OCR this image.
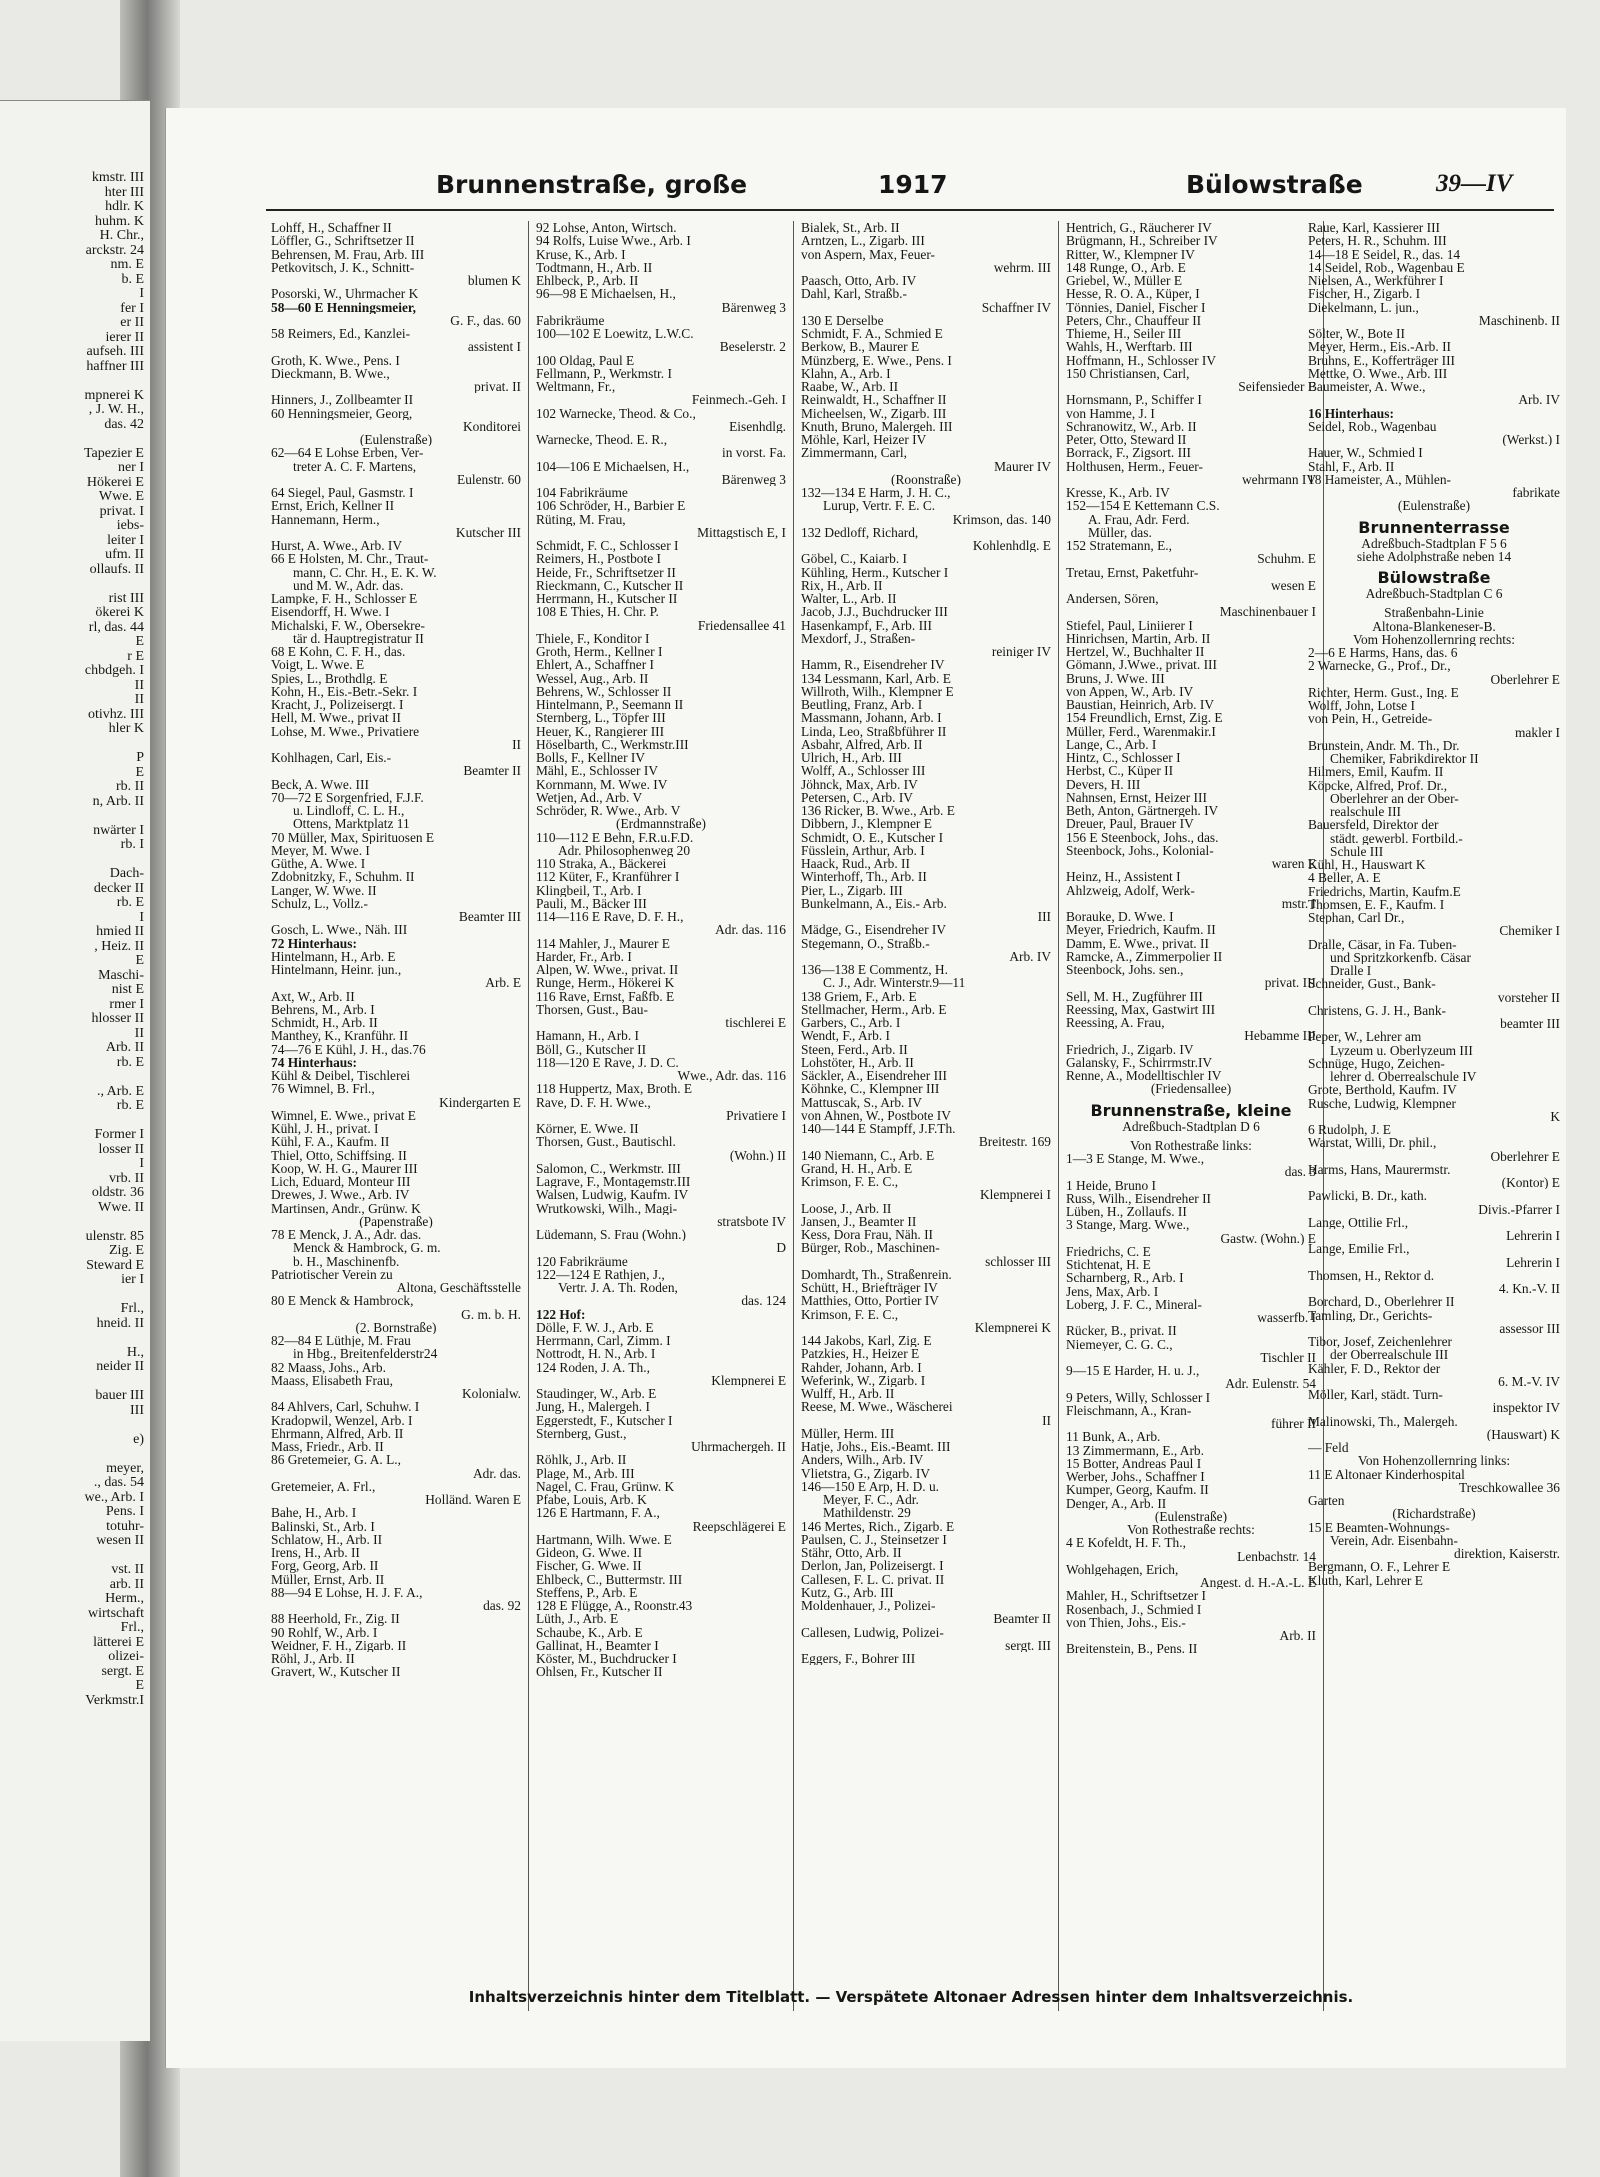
kmstr. III
hter III
hdlr. K
huhm. K
H. Chr.,
arckstr. 24
nm. E
b. E
I
fer I
er II
ierer II
aufseh. III
haffner III
mpnerei K
, J. W. H.,
das. 42
Tapezier E
ner I
Hökerei E
Wwe. E
privat. I
iebs-
leiter I
ufm. II
ollaufs. II
rist III
ökerei K
rl, das. 44
E
r E
chbdgeh. I
II
II
otivhz. III
hler K
P
E
rb. II
n, Arb. II
nwärter I
rb. I
Dach-
decker II
rb. E
I
hmied II
, Heiz. II
E
Maschi-
nist E
rmer I
hlosser II
II
Arb. II
rb. E
., Arb. E
rb. E
Former I
losser II
I
vrb. II
oldstr. 36
Wwe. II
ulenstr. 85
Zig. E
Steward E
ier I
Frl.,
hneid. II
H.,
neider II
bauer III
III
e)
meyer,
., das. 54
we., Arb. I
Pens. I
totuhr-
wesen II
vst. II
arb. II
Herm.,
wirtschaft
Frl.,
lätterei E
olizei-
sergt. E
E
Verkmstr.I
Brunnenstraße, große	1917	Bülowstraße	39—IV
Lohff, H., Schaffner II
Löffler, G., Schriftsetzer II
Behrensen, M. Frau, Arb. III
Petkovitsch, J. K., Schnitt-
blumen K
Posorski, W., Uhrmacher K
58—60 E Henningsmeier,
G. F., das. 60
58 Reimers, Ed., Kanzlei-
assistent I
Groth, K. Wwe., Pens. I
Dieckmann, B. Wwe.,
privat. II
Hinners, J., Zollbeamter II
60 Henningsmeier, Georg,
Konditorei
(Eulenstraße)
62—64 E Lohse Erben, Ver-
treter A. C. F. Martens,
Eulenstr. 60
64 Siegel, Paul, Gasmstr. I
Ernst, Erich, Kellner II
Hannemann, Herm.,
Kutscher III
Hurst, A. Wwe., Arb. IV
66 E Holsten, M. Chr., Traut-
mann, C. Chr. H., E. K. W.
und M. W., Adr. das.
Lampke, F. H., Schlosser E
Eisendorff, H. Wwe. I
Michalski, F. W., Obersekre-
tär d. Hauptregistratur II
68 E Kohn, C. F. H., das.
Voigt, L. Wwe. E
Spies, L., Brothdlg. E
Kohn, H., Eis.-Betr.-Sekr. I
Kracht, J., Polizeisergt. I
Hell, M. Wwe., privat II
Lohse, M. Wwe., Privatiere
II
Kohlhagen, Carl, Eis.-
Beamter II
Beck, A. Wwe. III
70—72 E Sorgenfried, F.J.F.
u. Lindloff, C. L. H.,
Ottens, Marktplatz 11
70 Müller, Max, Spirituosen E
Meyer, M. Wwe. I
Güthe, A. Wwe. I
Zdobnitzky, F., Schuhm. II
Langer, W. Wwe. II
Schulz, L., Vollz.-
Beamter III
Gosch, L. Wwe., Näh. III
72 Hinterhaus:
Hintelmann, H., Arb. E
Hintelmann, Heinr. jun.,
Arb. E
Axt, W., Arb. II
Behrens, M., Arb. I
Schmidt, H., Arb. II
Manthey, K., Kranführ. II
74—76 E Kühl, J. H., das.76
74 Hinterhaus:
Kühl & Deibel, Tischlerei
76 Wimnel, B. Frl.,
Kindergarten E
Wimnel, E. Wwe., privat E
Kühl, J. H., privat. I
Kühl, F. A., Kaufm. II
Thiel, Otto, Schiffsing. II
Koop, W. H. G., Maurer III
Lich, Eduard, Monteur III
Drewes, J. Wwe., Arb. IV
Martinsen, Andr., Grünw. K
(Papenstraße)
78 E Menck, J. A., Adr. das.
Menck & Hambrock, G. m.
b. H., Maschinenfb.
Patriotischer Verein zu
Altona, Geschäftsstelle
80 E Menck & Hambrock,
G. m. b. H.
(2. Bornstraße)
82—84 E Lüthje, M. Frau
in Hbg., Breitenfelderstr24
82 Maass, Johs., Arb.
Maass, Elisabeth Frau,
Kolonialw.
84 Ahlvers, Carl, Schuhw. I
Kradopwil, Wenzel, Arb. I
Ehrmann, Alfred, Arb. II
Mass, Friedr., Arb. II
86 Gretemeier, G. A. L.,
Adr. das.
Gretemeier, A. Frl.,
Holländ. Waren E
Bahe, H., Arb. I
Balinski, St., Arb. I
Schlatow, H., Arb. II
Irens, H., Arb. II
Forg, Georg, Arb. II
Müller, Ernst, Arb. II
88—94 E Lohse, H. J. F. A.,
das. 92
88 Heerhold, Fr., Zig. II
90 Rohlf, W., Arb. I
Weidner, F. H., Zigarb. II
Röhl, J., Arb. II
Gravert, W., Kutscher II
92 Lohse, Anton, Wirtsch.
94 Rolfs, Luise Wwe., Arb. I
Kruse, K., Arb. I
Todtmann, H., Arb. II
Ehlbeck, P., Arb. II
96—98 E Michaelsen, H.,
Bärenweg 3
Fabrikräume
100—102 E Loewitz, L.W.C.
Beselerstr. 2
100 Oldag, Paul E
Fellmann, P., Werkmstr. I
Weltmann, Fr.,
Feinmech.-Geh. I
102 Warnecke, Theod. & Co.,
Eisenhdlg.
Warnecke, Theod. E. R.,
in vorst. Fa.
104—106 E Michaelsen, H.,
Bärenweg 3
104 Fabrikräume
106 Schröder, H., Barbier E
Rüting, M. Frau,
Mittagstisch E, I
Schmidt, F. C., Schlosser I
Reimers, H., Postbote I
Heide, Fr., Schriftsetzer II
Rieckmann, C., Kutscher II
Herrmann, H., Kutscher II
108 E Thies, H. Chr. P.
Friedensallee 41
Thiele, F., Konditor I
Groth, Herm., Kellner I
Ehlert, A., Schaffner I
Wessel, Aug., Arb. II
Behrens, W., Schlosser II
Hintelmann, P., Seemann II
Sternberg, L., Töpfer III
Heuer, K., Rangierer III
Höselbarth, C., Werkmstr.III
Bolls, F., Kellner IV
Mähl, E., Schlosser IV
Kornmann, M. Wwe. IV
Wetjen, Ad., Arb. V
Schröder, R. Wwe., Arb. V
(Erdmannstraße)
110—112 E Behn, F.R.u.F.D.
Adr. Philosophenweg 20
110 Straka, A., Bäckerei
112 Küter, F., Kranführer I
Klingbeil, T., Arb. I
Pauli, M., Bäcker III
114—116 E Rave, D. F. H.,
Adr. das. 116
114 Mahler, J., Maurer E
Harder, Fr., Arb. I
Alpen, W. Wwe., privat. II
Runge, Herm., Hökerei K
116 Rave, Ernst, Faßfb. E
Thorsen, Gust., Bau-
tischlerei E
Hamann, H., Arb. I
Böll, G., Kutscher II
118—120 E Rave, J. D. C.
Wwe., Adr. das. 116
118 Huppertz, Max, Broth. E
Rave, D. F. H. Wwe.,
Privatiere I
Körner, E. Wwe. II
Thorsen, Gust., Bautischl.
(Wohn.) II
Salomon, C., Werkmstr. III
Lagrave, F., Montagemstr.III
Walsen, Ludwig, Kaufm. IV
Wrutkowski, Wilh., Magi-
stratsbote IV
Lüdemann, S. Frau (Wohn.)
D
120 Fabrikräume
122—124 E Rathjen, J.,
Vertr. J. A. Th. Roden,
das. 124
122 Hof:
Dölle, F. W. J., Arb. E
Herrmann, Carl, Zimm. I
Nottrodt, H. N., Arb. I
124 Roden, J. A. Th.,
Klempnerei E
Staudinger, W., Arb. E
Jung, H., Malergeh. I
Eggerstedt, F., Kutscher I
Sternberg, Gust.,
Uhrmachergeh. II
Röhlk, J., Arb. II
Plage, M., Arb. III
Nagel, C. Frau, Grünw. K
Pfabe, Louis, Arb. K
126 E Hartmann, F. A.,
Reepschlägerei E
Hartmann, Wilh. Wwe. E
Gideon, G. Wwe. II
Fischer, G. Wwe. II
Ehlbeck, C., Buttermstr. III
Steffens, P., Arb. E
128 E Flügge, A., Roonstr.43
Lüth, J., Arb. E
Schaube, K., Arb. E
Gallinat, H., Beamter I
Köster, M., Buchdrucker I
Ohlsen, Fr., Kutscher II
Bialek, St., Arb. II
Arntzen, L., Zigarb. III
von Aspern, Max, Feuer-
wehrm. III
Paasch, Otto, Arb. IV
Dahl, Karl, Straßb.-
Schaffner IV
130 E Derselbe
Schmidt, F. A., Schmied E
Berkow, B., Maurer E
Münzberg, E. Wwe., Pens. I
Klahn, A., Arb. I
Raabe, W., Arb. II
Reinwaldt, H., Schaffner II
Micheelsen, W., Zigarb. III
Knuth, Bruno, Malergeh. III
Möhle, Karl, Heizer IV
Zimmermann, Carl,
Maurer IV
(Roonstraße)
132—134 E Harm, J. H. C.,
Lurup, Vertr. F. E. C.
Krimson, das. 140
132 Dedloff, Richard,
Kohlenhdlg. E
Göbel, C., Kaiarb. I
Kühling, Herm., Kutscher I
Rix, H., Arb. II
Walter, L., Arb. II
Jacob, J.J., Buchdrucker III
Hasenkampf, F., Arb. III
Mexdorf, J., Straßen-
reiniger IV
Hamm, R., Eisendreher IV
134 Lessmann, Karl, Arb. E
Willroth, Wilh., Klempner E
Beutling, Franz, Arb. I
Massmann, Johann, Arb. I
Linda, Leo, Straßbführer II
Asbahr, Alfred, Arb. II
Ulrich, H., Arb. III
Wolff, A., Schlosser III
Jöhnck, Max, Arb. IV
Petersen, C., Arb. IV
136 Ricker, B. Wwe., Arb. E
Dibbern, J., Klempner E
Schmidt, O. E., Kutscher I
Füsslein, Arthur, Arb. I
Haack, Rud., Arb. II
Winterhoff, Th., Arb. II
Pier, L., Zigarb. III
Bunkelmann, A., Eis.- Arb.
III
Mädge, G., Eisendreher IV
Stegemann, O., Straßb.-
Arb. IV
136—138 E Commentz, H.
C. J., Adr. Winterstr.9—11
138 Griem, F., Arb. E
Stellmacher, Herm., Arb. E
Garbers, C., Arb. I
Wendt, F., Arb. I
Steen, Ferd., Arb. II
Lohstöter, H., Arb. II
Säckler, A., Eisendreher III
Köhnke, C., Klempner III
Mattuscak, S., Arb. IV
von Ahnen, W., Postbote IV
140—144 E Stampff, J.F.Th.
Breitestr. 169
140 Niemann, C., Arb. E
Grand, H. H., Arb. E
Krimson, F. E. C.,
Klempnerei I
Loose, J., Arb. II
Jansen, J., Beamter II
Kess, Dora Frau, Näh. II
Bürger, Rob., Maschinen-
schlosser III
Domhardt, Th., Straßenrein.
Schütt, H., Briefträger IV
Matthies, Otto, Portier IV
Krimson, F. E. C.,
Klempnerei K
144 Jakobs, Karl, Zig. E
Patzkies, H., Heizer E
Rahder, Johann, Arb. I
Weferink, W., Zigarb. I
Wulff, H., Arb. II
Reese, M. Wwe., Wäscherei
II
Müller, Herm. III
Hatje, Johs., Eis.-Beamt. III
Anders, Wilh., Arb. IV
Vlietstra, G., Zigarb. IV
146—150 E Arp, H. D. u.
Meyer, F. C., Adr.
Mathildenstr. 29
146 Mertes, Rich., Zigarb. E
Paulsen, C. J., Steinsetzer I
Stähr, Otto, Arb. II
Derlon, Jan, Polizeisergt. I
Callesen, F. L. C. privat. II
Kutz, G., Arb. III
Moldenhauer, J., Polizei-
Beamter II
Callesen, Ludwig, Polizei-
sergt. III
Eggers, F., Bohrer III
Hentrich, G., Räucherer IV
Brügmann, H., Schreiber IV
Ritter, W., Klempner IV
148 Runge, O., Arb. E
Griebel, W., Müller E
Hesse, R. O. A., Küper, I
Tönnies, Daniel, Fischer I
Peters, Chr., Chauffeur II
Thieme, H., Seiler III
Wahls, H., Werftarb. III
Hoffmann, H., Schlosser IV
150 Christiansen, Carl,
Seifensieder E
Hornsmann, P., Schiffer I
von Hamme, J. I
Schranowitz, W., Arb. II
Peter, Otto, Steward II
Borrack, F., Zigsort. III
Holthusen, Herm., Feuer-
wehrmann IV
Kresse, K., Arb. IV
152—154 E Kettemann C.S.
A. Frau, Adr. Ferd.
Müller, das.
152 Stratemann, E.,
Schuhm. E
Tretau, Ernst, Paketfuhr-
wesen E
Andersen, Sören,
Maschinenbauer I
Stiefel, Paul, Liniierer I
Hinrichsen, Martin, Arb. II
Hertzel, W., Buchhalter II
Gömann, J.Wwe., privat. III
Bruns, J. Wwe. III
von Appen, W., Arb. IV
Baustian, Heinrich, Arb. IV
154 Freundlich, Ernst, Zig. E
Müller, Ferd., Warenmakir.I
Lange, C., Arb. I
Hintz, C., Schlosser I
Herbst, C., Küper II
Devers, H. III
Nahnsen, Ernst, Heizer III
Beth, Anton, Gärtnergeh. IV
Dreuer, Paul, Brauer IV
156 E Steenbock, Johs., das.
Steenbock, Johs., Kolonial-
waren E
Heinz, H., Assistent I
Ahlzweig, Adolf, Werk-
mstr. I
Borauke, D. Wwe. I
Meyer, Friedrich, Kaufm. II
Damm, E. Wwe., privat. II
Ramcke, A., Zimmerpolier II
Steenbock, Johs. sen.,
privat. III
Sell, M. H., Zugführer III
Reessing, Max, Gastwirt III
Reessing, A. Frau,
Hebamme III
Friedrich, J., Zigarb. IV
Galansky, F., Schirrmstr.IV
Renne, A., Modelltischler IV
(Friedensallee)
Brunnenstraße, kleine
Adreßbuch-Stadtplan D 6
Von Rothestraße links:
1—3 E Stange, M. Wwe.,
das. 3
1 Heide, Bruno I
Russ, Wilh., Eisendreher II
Lüben, H., Zollaufs. II
3 Stange, Marg. Wwe.,
Gastw. (Wohn.) E
Friedrichs, C. E
Stichtenat, H. E
Scharnberg, R., Arb. I
Jens, Max, Arb. I
Loberg, J. F. C., Mineral-
wasserfb. I
Rücker, B., privat. II
Niemeyer, C. G. C.,
Tischler II
9—15 E Harder, H. u. J.,
Adr. Eulenstr. 54
9 Peters, Willy, Schlosser I
Fleischmann, A., Kran-
führer II
11 Bunk, A., Arb.
13 Zimmermann, E., Arb.
15 Botter, Andreas Paul I
Werber, Johs., Schaffner I
Kumper, Georg, Kaufm. II
Denger, A., Arb. II
(Eulenstraße)
Von Rothestraße rechts:
4 E Kofeldt, H. F. Th.,
Lenbachstr. 14
Wohlgehagen, Erich,
Angest. d. H.-A.-L. E
Mahler, H., Schriftsetzer I
Rosenbach, J., Schmied I
von Thien, Johs., Eis.-
Arb. II
Breitenstein, B., Pens. II
Raue, Karl, Kassierer III
Peters, H. R., Schuhm. III
14—18 E Seidel, R., das. 14
14 Seidel, Rob., Wagenbau E
Nielsen, A., Werkführer I
Fischer, H., Zigarb. I
Diekelmann, L. jun.,
Maschinenb. II
Sölter, W., Bote II
Meyer, Herm., Eis.-Arb. II
Bruhns, E., Kofferträger III
Mettke, O. Wwe., Arb. III
Baumeister, A. Wwe.,
Arb. IV
16 Hinterhaus:
Seidel, Rob., Wagenbau
(Werkst.) I
Hauer, W., Schmied I
Stahl, F., Arb. II
18 Hameister, A., Mühlen-
fabrikate
(Eulenstraße)
Brunnenterrasse
Adreßbuch-Stadtplan F 5 6
siehe Adolphstraße neben 14
Bülowstraße
Adreßbuch-Stadtplan C 6
Straßenbahn-Linie
Altona-Blankeneser-B.
Vom Hohenzollernring rechts:
2—6 E Harms, Hans, das. 6
2 Warnecke, G., Prof., Dr.,
Oberlehrer E
Richter, Herm. Gust., Ing. E
Wolff, John, Lotse I
von Pein, H., Getreide-
makler I
Brunstein, Andr. M. Th., Dr.
Chemiker, Fabrikdirektor II
Hilmers, Emil, Kaufm. II
Köpcke, Alfred, Prof. Dr.,
Oberlehrer an der Ober-
realschule III
Bauersfeld, Direktor der
städt. gewerbl. Fortbild.-
Schule III
Kühl, H., Hauswart K
4 Beller, A. E
Friedrichs, Martin, Kaufm.E
Thomsen, E. F., Kaufm. I
Stephan, Carl Dr.,
Chemiker I
Dralle, Cäsar, in Fa. Tuben-
und Spritzkorkenfb. Cäsar
Dralle I
Schneider, Gust., Bank-
vorsteher II
Christens, G. J. H., Bank-
beamter III
Peper, W., Lehrer am
Lyzeum u. Oberlyzeum III
Schnüge, Hugo, Zeichen-
lehrer d. Oberrealschule IV
Grote, Berthold, Kaufm. IV
Rusche, Ludwig, Klempner
K
6 Rudolph, J. E
Warstat, Willi, Dr. phil.,
Oberlehrer E
Harms, Hans, Maurermstr.
(Kontor) E
Pawlicki, B. Dr., kath.
Divis.-Pfarrer I
Lange, Ottilie Frl.,
Lehrerin I
Lange, Emilie Frl.,
Lehrerin I
Thomsen, H., Rektor d.
4. Kn.-V. II
Borchard, D., Oberlehrer II
Tamling, Dr., Gerichts-
assessor III
Tibor, Josef, Zeichenlehrer
der Oberrealschule III
Kähler, F. D., Rektor der
6. M.-V. IV
Möller, Karl, städt. Turn-
inspektor IV
Malinowski, Th., Malergeh.
(Hauswart) K
— Feld
Von Hohenzollernring links:
11 E Altonaer Kinderhospital
Treschkowallee 36
Garten
(Richardstraße)
15 E Beamten-Wohnungs-
Verein, Adr. Eisenbahn-
direktion, Kaiserstr.
Bergmann, O. F., Lehrer E
Kluth, Karl, Lehrer E
Inhaltsverzeichnis hinter dem Titelblatt. — Verspätete Altonaer Adressen hinter dem Inhaltsverzeichnis.
